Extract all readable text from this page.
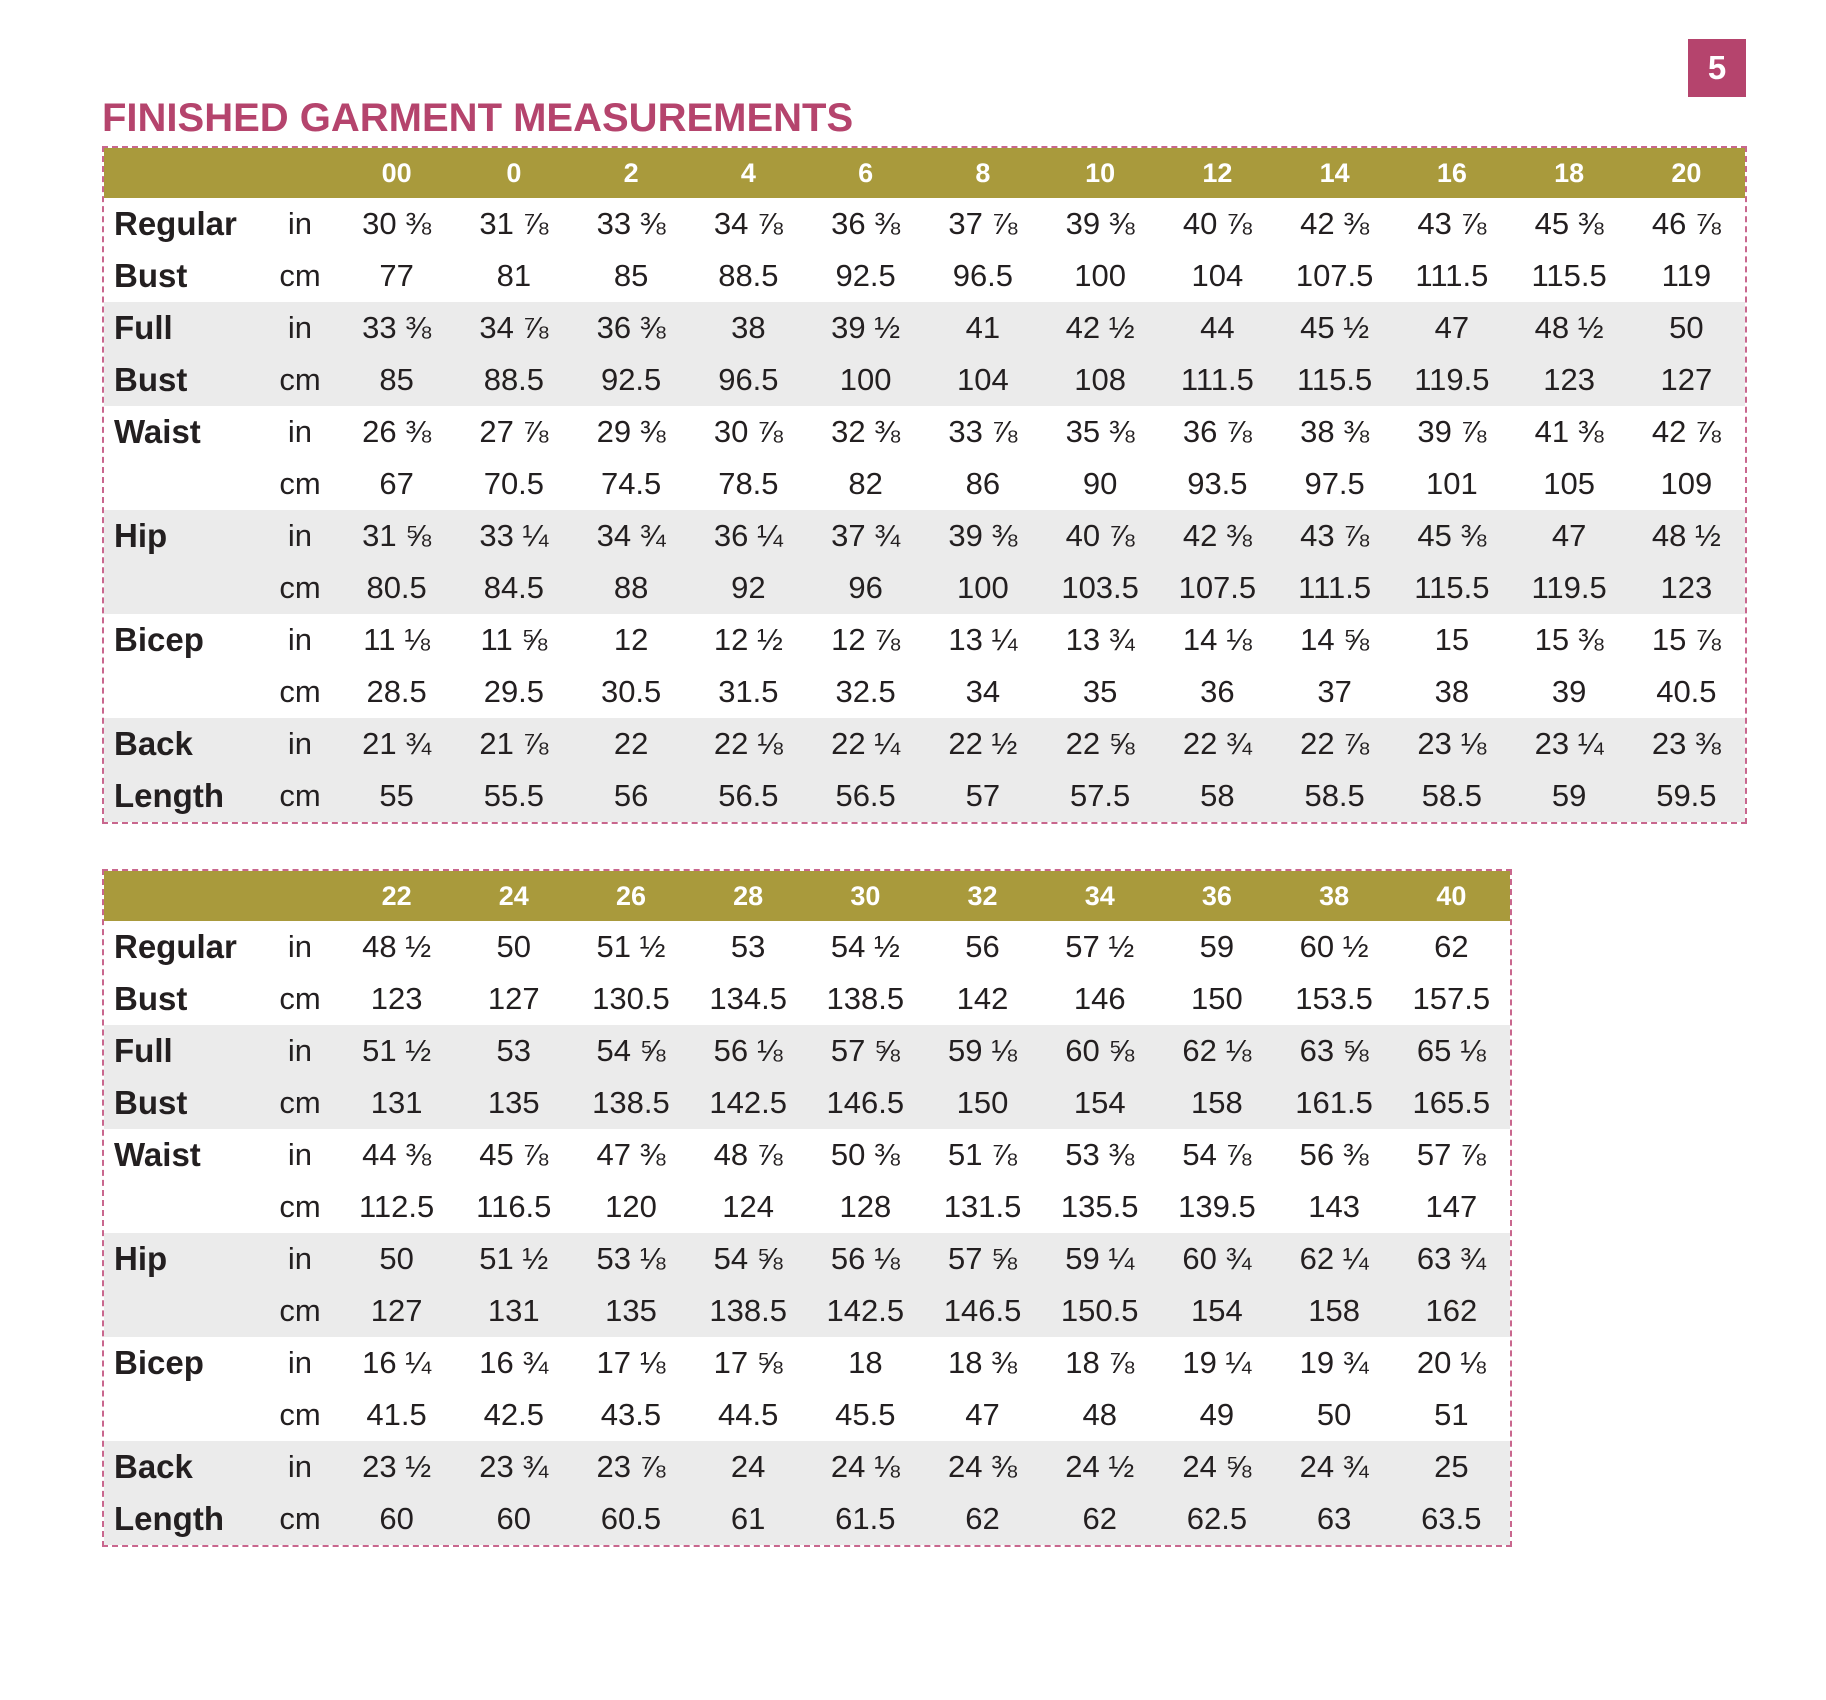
5
FINISHED GARMENT MEASUREMENTS
		00	0	2	4	6	8	10	12	14	16	18	20
Regular	in	30 ⅜	31 ⅞	33 ⅜	34 ⅞	36 ⅜	37 ⅞	39 ⅜	40 ⅞	42 ⅜	43 ⅞	45 ⅜	46 ⅞
Bust	cm	77	81	85	88.5	92.5	96.5	100	104	107.5	111.5	115.5	119
Full	in	33 ⅜	34 ⅞	36 ⅜	38	39 ½	41	42 ½	44	45 ½	47	48 ½	50
Bust	cm	85	88.5	92.5	96.5	100	104	108	111.5	115.5	119.5	123	127
Waist	in	26 ⅜	27 ⅞	29 ⅜	30 ⅞	32 ⅜	33 ⅞	35 ⅜	36 ⅞	38 ⅜	39 ⅞	41 ⅜	42 ⅞
	cm	67	70.5	74.5	78.5	82	86	90	93.5	97.5	101	105	109
Hip	in	31 ⅝	33 ¼	34 ¾	36 ¼	37 ¾	39 ⅜	40 ⅞	42 ⅜	43 ⅞	45 ⅜	47	48 ½
	cm	80.5	84.5	88	92	96	100	103.5	107.5	111.5	115.5	119.5	123
Bicep	in	11 ⅛	11 ⅝	12	12 ½	12 ⅞	13 ¼	13 ¾	14 ⅛	14 ⅝	15	15 ⅜	15 ⅞
	cm	28.5	29.5	30.5	31.5	32.5	34	35	36	37	38	39	40.5
Back	in	21 ¾	21 ⅞	22	22 ⅛	22 ¼	22 ½	22 ⅝	22 ¾	22 ⅞	23 ⅛	23 ¼	23 ⅜
Length	cm	55	55.5	56	56.5	56.5	57	57.5	58	58.5	58.5	59	59.5
		22	24	26	28	30	32	34	36	38	40
Regular	in	48 ½	50	51 ½	53	54 ½	56	57 ½	59	60 ½	62
Bust	cm	123	127	130.5	134.5	138.5	142	146	150	153.5	157.5
Full	in	51 ½	53	54 ⅝	56 ⅛	57 ⅝	59 ⅛	60 ⅝	62 ⅛	63 ⅝	65 ⅛
Bust	cm	131	135	138.5	142.5	146.5	150	154	158	161.5	165.5
Waist	in	44 ⅜	45 ⅞	47 ⅜	48 ⅞	50 ⅜	51 ⅞	53 ⅜	54 ⅞	56 ⅜	57 ⅞
	cm	112.5	116.5	120	124	128	131.5	135.5	139.5	143	147
Hip	in	50	51 ½	53 ⅛	54 ⅝	56 ⅛	57 ⅝	59 ¼	60 ¾	62 ¼	63 ¾
	cm	127	131	135	138.5	142.5	146.5	150.5	154	158	162
Bicep	in	16 ¼	16 ¾	17 ⅛	17 ⅝	18	18 ⅜	18 ⅞	19 ¼	19 ¾	20 ⅛
	cm	41.5	42.5	43.5	44.5	45.5	47	48	49	50	51
Back	in	23 ½	23 ¾	23 ⅞	24	24 ⅛	24 ⅜	24 ½	24 ⅝	24 ¾	25
Length	cm	60	60	60.5	61	61.5	62	62	62.5	63	63.5
